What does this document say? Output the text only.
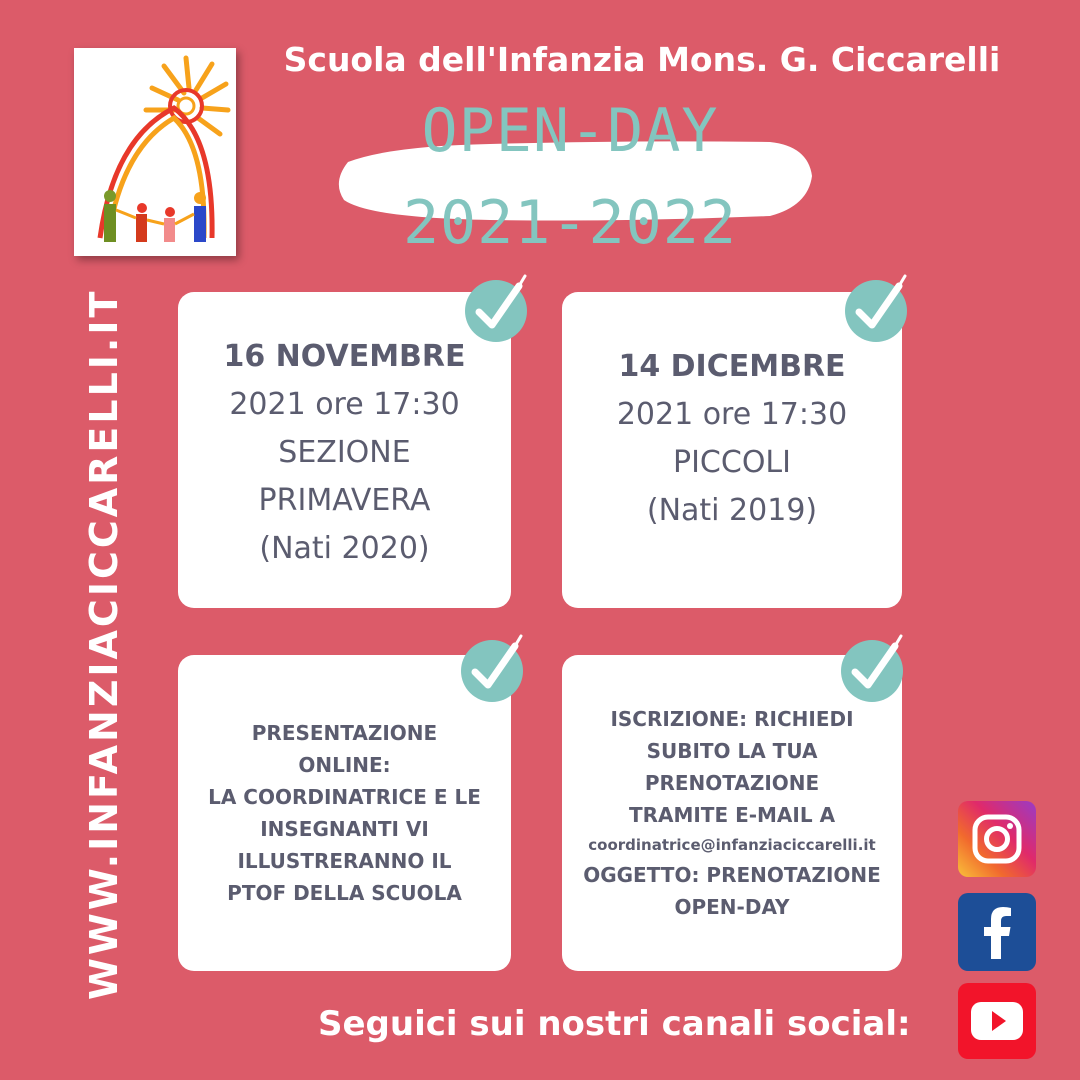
Scuola dell'Infanzia Mons. G. Ciccarelli
OPEN-DAY
2021-2022
WWW.INFANZIACICCARELLI.IT	16 NOVEMBRE
2021 ore 17:30
SEZIONE
PRIMAVERA
(Nati 2020)
14 DICEMBRE
2021 ore 17:30
PICCOLI
(Nati 2019)
PRESENTAZIONE
ONLINE:
LA COORDINATRICE E LE
INSEGNANTI VI
ILLUSTRERANNO IL
PTOF DELLA SCUOLA
ISCRIZIONE: RICHIEDI
SUBITO LA TUA
PRENOTAZIONE
TRAMITE E-MAIL A
coordinatrice@infanziaciccarelli.it
OGGETTO: PRENOTAZIONE
OPEN-DAY
Seguici sui nostri canali social:
